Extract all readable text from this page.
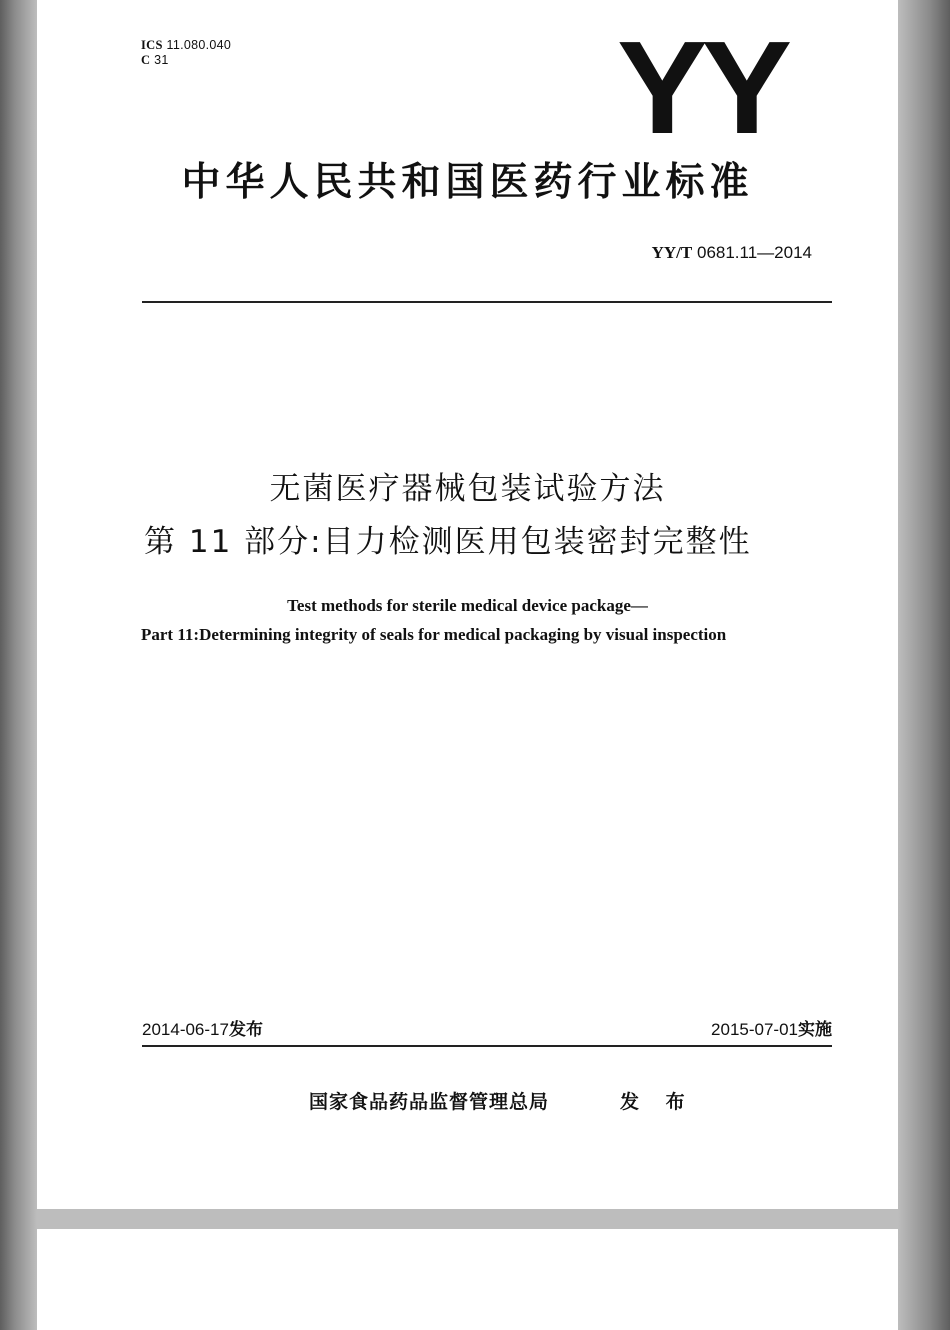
ICS 11.080.040
C 31	YY
中华人民共和国医药行业标准
YY/T 0681.11—2014
无菌医疗器械包装试验方法
第 11 部分:目力检测医用包装密封完整性
Test methods for sterile medical device package—
Part 11:Determining integrity of seals for medical packaging by visual inspection
2014-06-17发布	2015-07-01实施
国家食品药品监督管理总局	发 布
